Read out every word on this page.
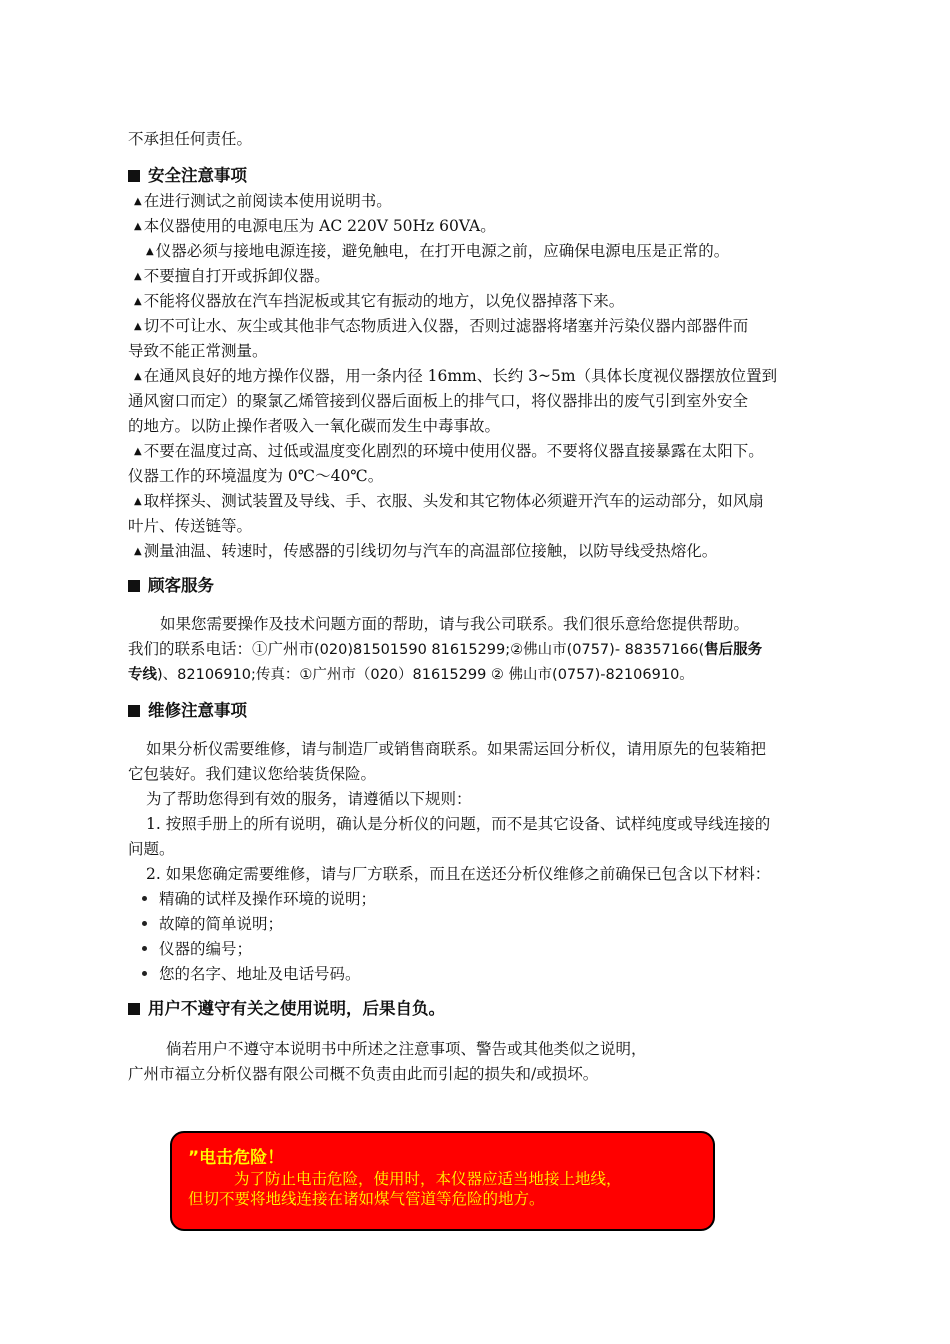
不承担任何责任。
安全注意事项
▲ 在进行测试之前阅读本使用说明书。
▲ 本仪器使用的电源电压为 AC 220V 50Hz 60VA。
▲ 仪器必须与接地电源连接，避免触电，在打开电源之前，应确保电源电压是正常的。
▲ 不要擅自打开或拆卸仪器。
▲ 不能将仪器放在汽车挡泥板或其它有振动的地方，以免仪器掉落下来。
▲ 切不可让水、灰尘或其他非气态物质进入仪器，否则过滤器将堵塞并污染仪器内部器件而
导致不能正常测量。
▲ 在通风良好的地方操作仪器，用一条内径 16mm、长约 3~5m（具体长度视仪器摆放位置到
通风窗口而定）的聚氯乙烯管接到仪器后面板上的排气口，将仪器排出的废气引到室外安全
的地方。以防止操作者吸入一氧化碳而发生中毒事故。
▲ 不要在温度过高、过低或温度变化剧烈的环境中使用仪器。不要将仪器直接暴露在太阳下。
仪器工作的环境温度为 0℃～40℃。
▲ 取样探头、测试装置及导线、手、衣服、头发和其它物体必须避开汽车的运动部分，如风扇
叶片、传送链等。
▲ 测量油温、转速时，传感器的引线切勿与汽车的高温部位接触，以防导线受热熔化。
顾客服务
如果您需要操作及技术问题方面的帮助，请与我公司联系。我们很乐意给您提供帮助。
我们的联系电话：①广州市(020)81501590 81615299;②佛山市(0757)- 88357166(售后服务
专线)、82106910;传真：①广州市（020）81615299 ② 佛山市(0757)-82106910。
维修注意事项
如果分析仪需要维修，请与制造厂或销售商联系。如果需运回分析仪，请用原先的包装箱把
它包装好。我们建议您给装货保险。
为了帮助您得到有效的服务，请遵循以下规则：
1. 按照手册上的所有说明，确认是分析仪的问题，而不是其它设备、试样纯度或导线连接的
问题。
2. 如果您确定需要维修，请与厂方联系，而且在送还分析仪维修之前确保已包含以下材料：
精确的试样及操作环境的说明；
故障的简单说明；
仪器的编号；
您的名字、地址及电话号码。
用户不遵守有关之使用说明，后果自负。
倘若用户不遵守本说明书中所述之注意事项、警告或其他类似之说明，
广州市福立分析仪器有限公司概不负责由此而引起的损失和/或损坏。
”电击危险！
为了防止电击危险，使用时，本仪器应适当地接上地线，
但切不要将地线连接在诸如煤气管道等危险的地方。
